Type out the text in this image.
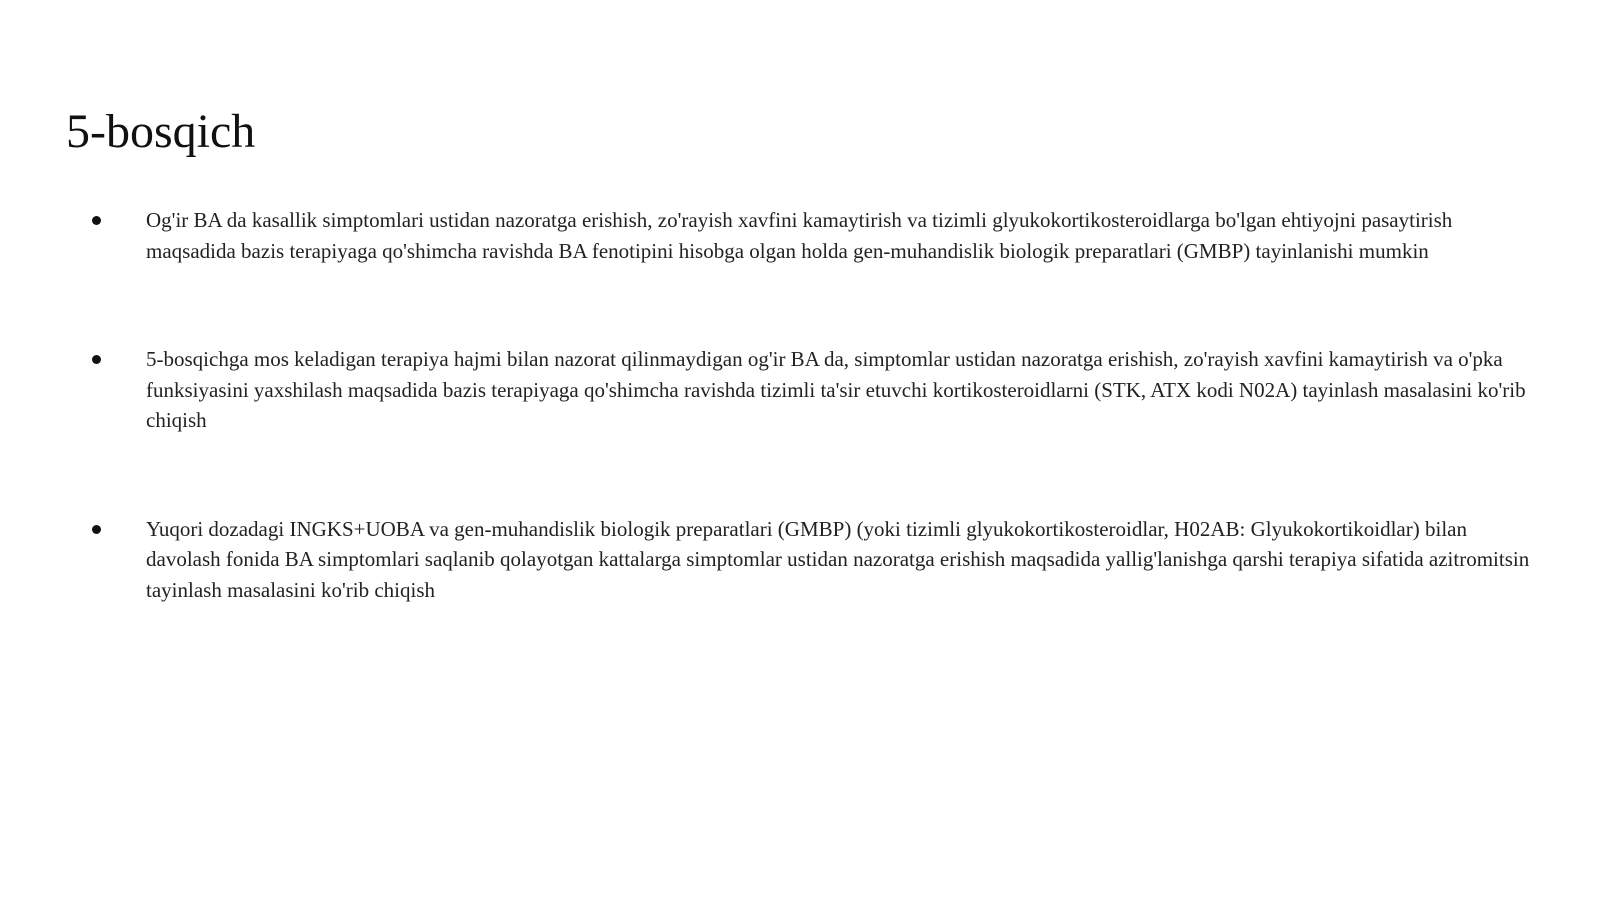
5-bosqich
Og'ir BA da kasallik simptomlari ustidan nazoratga erishish, zo'rayish xavfini kamaytirish va tizimli glyukokortikosteroidlarga bo'lgan ehtiyojni pasaytirish maqsadida bazis terapiyaga qo'shimcha ravishda BA fenotipini hisobga olgan holda gen-muhandislik biologik preparatlari (GMBP) tayinlanishi mumkin
5-bosqichga mos keladigan terapiya hajmi bilan nazorat qilinmaydigan og'ir BA da, simptomlar ustidan nazoratga erishish, zo'rayish xavfini kamaytirish va o'pka funksiyasini yaxshilash maqsadida bazis terapiyaga qo'shimcha ravishda tizimli ta'sir etuvchi kortikosteroidlarni (STK, ATX kodi N02A) tayinlash masalasini ko'rib chiqish
Yuqori dozadagi INGKS+UOBA va gen-muhandislik biologik preparatlari (GMBP) (yoki tizimli glyukokortikosteroidlar, H02AB: Glyukokortikoidlar) bilan davolash fonida BA simptomlari saqlanib qolayotgan kattalarga simptomlar ustidan nazoratga erishish maqsadida yallig'lanishga qarshi terapiya sifatida azitromitsin tayinlash masalasini ko'rib chiqish
